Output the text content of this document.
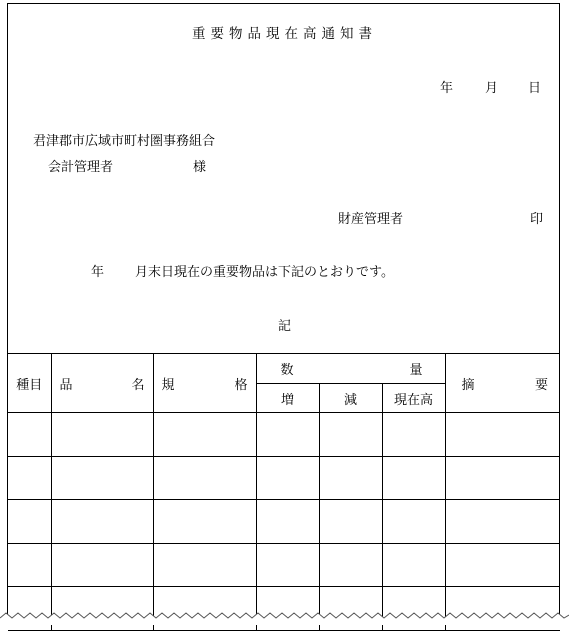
重要物品現在高通知書
年 月 日
君津郡市広域市町村圏事務組合
会計管理者	様
財産管理者	印
年 月末日現在の重要物品は下記のとおりです。
記
種目	品 名	規 格	数 量			摘 要

			増	減	現在高	
